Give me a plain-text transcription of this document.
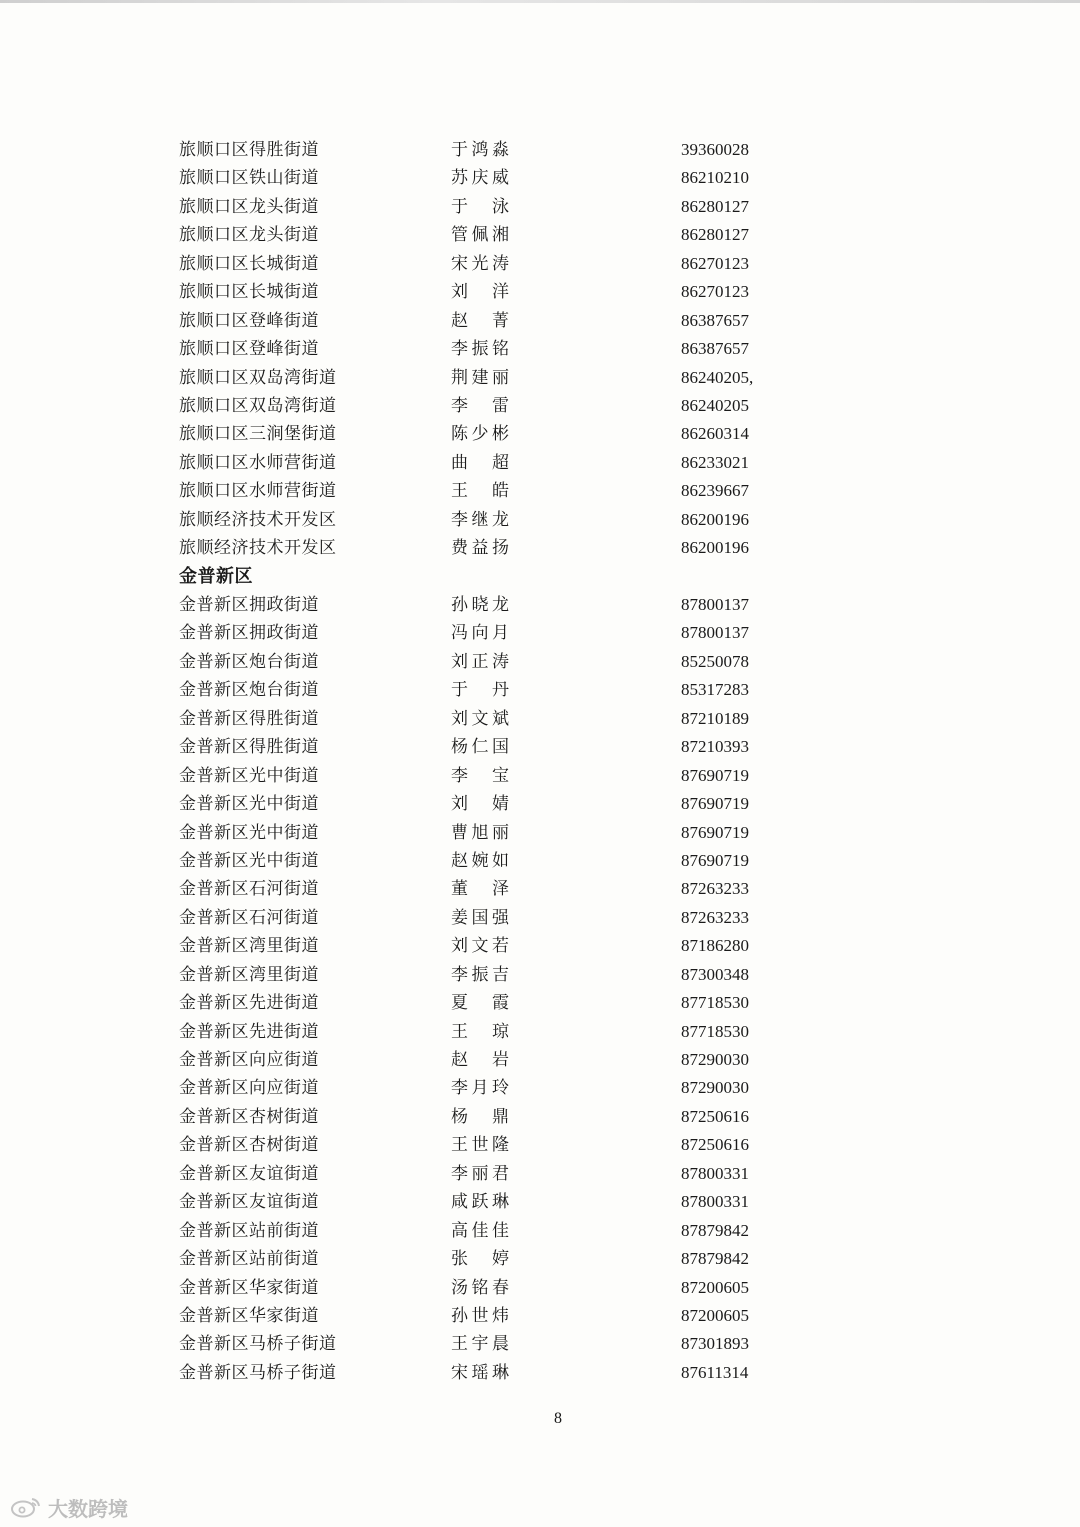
旅顺口区得胜街道	于鸿淼	39360028
旅顺口区铁山街道	苏庆威	86210210
旅顺口区龙头街道	于　泳	86280127
旅顺口区龙头街道	管佩湘	86280127
旅顺口区长城街道	宋光涛	86270123
旅顺口区长城街道	刘　洋	86270123
旅顺口区登峰街道	赵　菁	86387657
旅顺口区登峰街道	李振铭	86387657
旅顺口区双岛湾街道	荆建丽	86240205,
旅顺口区双岛湾街道	李　雷	86240205
旅顺口区三涧堡街道	陈少彬	86260314
旅顺口区水师营街道	曲　超	86233021
旅顺口区水师营街道	王　皓	86239667
旅顺经济技术开发区	李继龙	86200196
旅顺经济技术开发区	费益扬	86200196
金普新区
金普新区拥政街道	孙晓龙	87800137
金普新区拥政街道	冯向月	87800137
金普新区炮台街道	刘正涛	85250078
金普新区炮台街道	于　丹	85317283
金普新区得胜街道	刘文斌	87210189
金普新区得胜街道	杨仁国	87210393
金普新区光中街道	李　宝	87690719
金普新区光中街道	刘　婧	87690719
金普新区光中街道	曹旭丽	87690719
金普新区光中街道	赵婉如	87690719
金普新区石河街道	董　泽	87263233
金普新区石河街道	姜国强	87263233
金普新区湾里街道	刘文若	87186280
金普新区湾里街道	李振吉	87300348
金普新区先进街道	夏　霞	87718530
金普新区先进街道	王　琼	87718530
金普新区向应街道	赵　岩	87290030
金普新区向应街道	李月玲	87290030
金普新区杏树街道	杨　鼎	87250616
金普新区杏树街道	王世隆	87250616
金普新区友谊街道	李丽君	87800331
金普新区友谊街道	咸跃琳	87800331
金普新区站前街道	高佳佳	87879842
金普新区站前街道	张　婷	87879842
金普新区华家街道	汤铭春	87200605
金普新区华家街道	孙世炜	87200605
金普新区马桥子街道	王宇晨	87301893
金普新区马桥子街道	宋瑶琳	87611314
8
大数跨境
